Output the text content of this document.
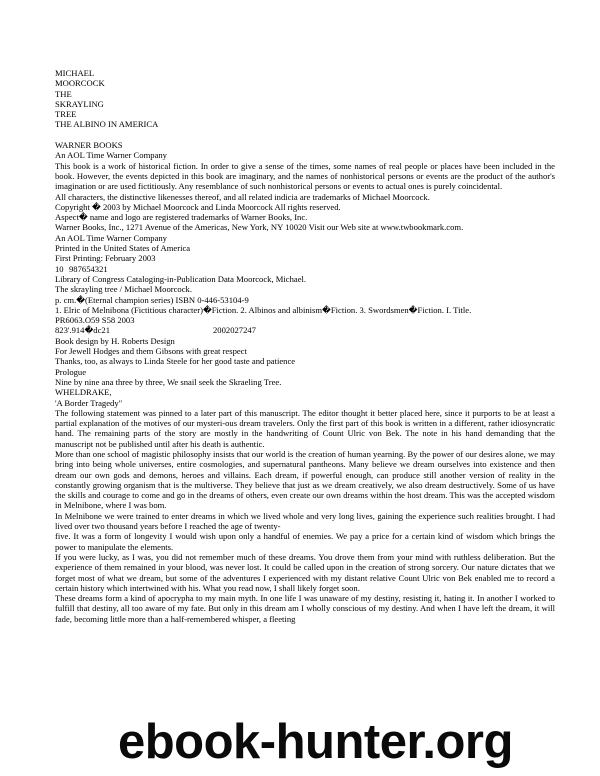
MICHAEL
MOORCOCK
THE
SKRAYLING
TREE
THE ALBINO IN AMERICA
WARNER BOOKS
An AOL Time Warner Company
This book is a work of historical fiction. In order to give a sense of the times, some names of real people or places have been included in the book. However, the events depicted in this book are imaginary, and the names of nonhistorical persons or events are the product of the author's imagination or are used fictitiously. Any resemblance of such nonhistorical persons or events to actual ones is purely coincidental.
All characters, the distinctive likenesses thereof, and all related indicia are trademarks of Michael Moorcock.
Copyright � 2003 by Michael Moorcock and Linda Moorcock All rights reserved.
Aspect� name and logo are registered trademarks of Warner Books, Inc.
Warner Books, Inc., 1271 Avenue of the Americas, New York, NY 10020 Visit our Web site at www.twbookmark.com.
An AOL Time Warner Company
Printed in the United States of America
First Printing: February 2003
10 987654321
Library of Congress Cataloging-in-Publication Data Moorcock, Michael.
The skrayling tree / Michael Moorcock.
p. cm.�(Eternal champion series) ISBN 0-446-53104-9
1. Elric of Melnibona (Fictitious character)�Fiction. 2. Albinos and albinism�Fiction. 3. Swordsmen�Fiction. I. Title.
PR6063.O59 S58 2003
823'.914�dc21	2002027247
Book design by H. Roberts Design
For Jewell Hodges and them Gibsons with great respect
Thanks, too, as always to Linda Steele for her good taste and patience
Prologue
Nine by nine ana three by three, We snail seek the Skraeling Tree.
WHELDRAKE,
'A Border Tragedy"
The following statement was pinned to a later part of this manuscript. The editor thought it better placed here, since it purports to be at least a partial explanation of the motives of our mysteri-ous dream travelers. Only the first part of this book is written in a different, rather idiosyncratic hand. The remaining parts of the story are mostly in the handwriting of Count Ulric von Bek. The note in his hand demanding that the manuscript not be published until after his death is authentic.
More than one school of magistic philosophy insists that our world is the creation of human yearning. By the power of our desires alone, we may bring into being whole universes, entire cosmologies, and supernatural pantheons. Many believe we dream ourselves into existence and then dream our own gods and demons, heroes and villains. Each dream, if powerful enough, can produce still another version of reality in the constantly growing organism that is the multiverse. They believe that just as we dream creatively, we also dream destructively. Some of us have the skills and courage to come and go in the dreams of others, even create our own dreams within the host dream. This was the accepted wisdom in Melnibone, where I was bom.
In Melnibone we were trained to enter dreams in which we lived whole and very long lives, gaining the experience such realities brought. I had lived over two thousand years before I reached the age of twenty-
five. It was a form of longevity I would wish upon only a handful of enemies. We pay a price for a certain kind of wisdom which brings the power to manipulate the elements.
If you were lucky, as I was, you did not remember much of these dreams. You drove them from your mind with ruthless deliberation. But the experience of them remained in your blood, was never lost. It could be called upon in the creation of strong sorcery. Our nature dictates that we forget most of what we dream, but some of the adventures I experienced with my distant relative Count Ulric von Bek enabled me to record a certain history which intertwined with his. What you read now, I shall likely forget soon.
These dreams form a kind of apocrypha to my main myth. In one life I was unaware of my destiny, resisting it, hating it. In another I worked to fulfill that destiny, all too aware of my fate. But only in this dream am I wholly conscious of my destiny. And when I have left the dream, it will fade, becoming little more than a half-remembered whisper, a fleeting
ebook-hunter.org
